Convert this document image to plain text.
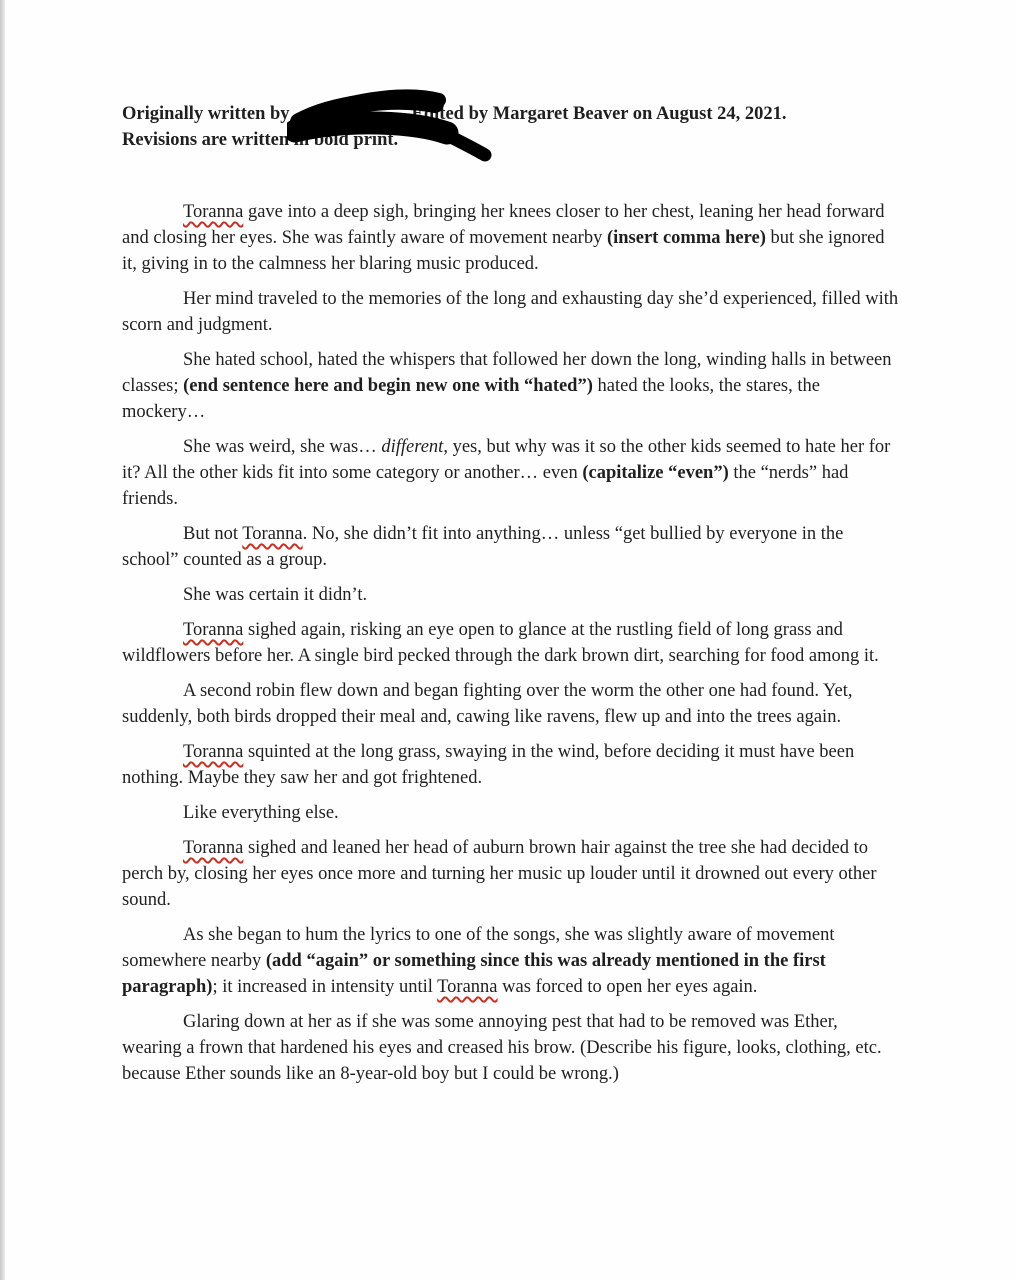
Originally written by	Edited by Margaret Beaver on August 24, 2021.
Revisions are written in bold print.

Toranna gave into a deep sigh, bringing her knees closer to her chest, leaning her head forward and closing her eyes. She was faintly aware of movement nearby (insert comma here) but she ignored it, giving in to the calmness her blaring music produced.

Her mind traveled to the memories of the long and exhausting day she’d experienced, filled with scorn and judgment.

She hated school, hated the whispers that followed her down the long, winding halls in between classes; (end sentence here and begin new one with “hated”) hated the looks, the stares, the mockery…

She was weird, she was… different, yes, but why was it so the other kids seemed to hate her for it? All the other kids fit into some category or another… even (capitalize “even”) the “nerds” had friends.

But not Toranna. No, she didn’t fit into anything… unless “get bullied by everyone in the school” counted as a group.

She was certain it didn’t.

Toranna sighed again, risking an eye open to glance at the rustling field of long grass and wildflowers before her. A single bird pecked through the dark brown dirt, searching for food among it.

A second robin flew down and began fighting over the worm the other one had found. Yet, suddenly, both birds dropped their meal and, cawing like ravens, flew up and into the trees again.

Toranna squinted at the long grass, swaying in the wind, before deciding it must have been nothing. Maybe they saw her and got frightened.

Like everything else.

Toranna sighed and leaned her head of auburn brown hair against the tree she had decided to perch by, closing her eyes once more and turning her music up louder until it drowned out every other sound.

As she began to hum the lyrics to one of the songs, she was slightly aware of movement somewhere nearby (add “again” or something since this was already mentioned in the first paragraph); it increased in intensity until Toranna was forced to open her eyes again.

Glaring down at her as if she was some annoying pest that had to be removed was Ether, wearing a frown that hardened his eyes and creased his brow. (Describe his figure, looks, clothing, etc. because Ether sounds like an 8-year-old boy but I could be wrong.)
